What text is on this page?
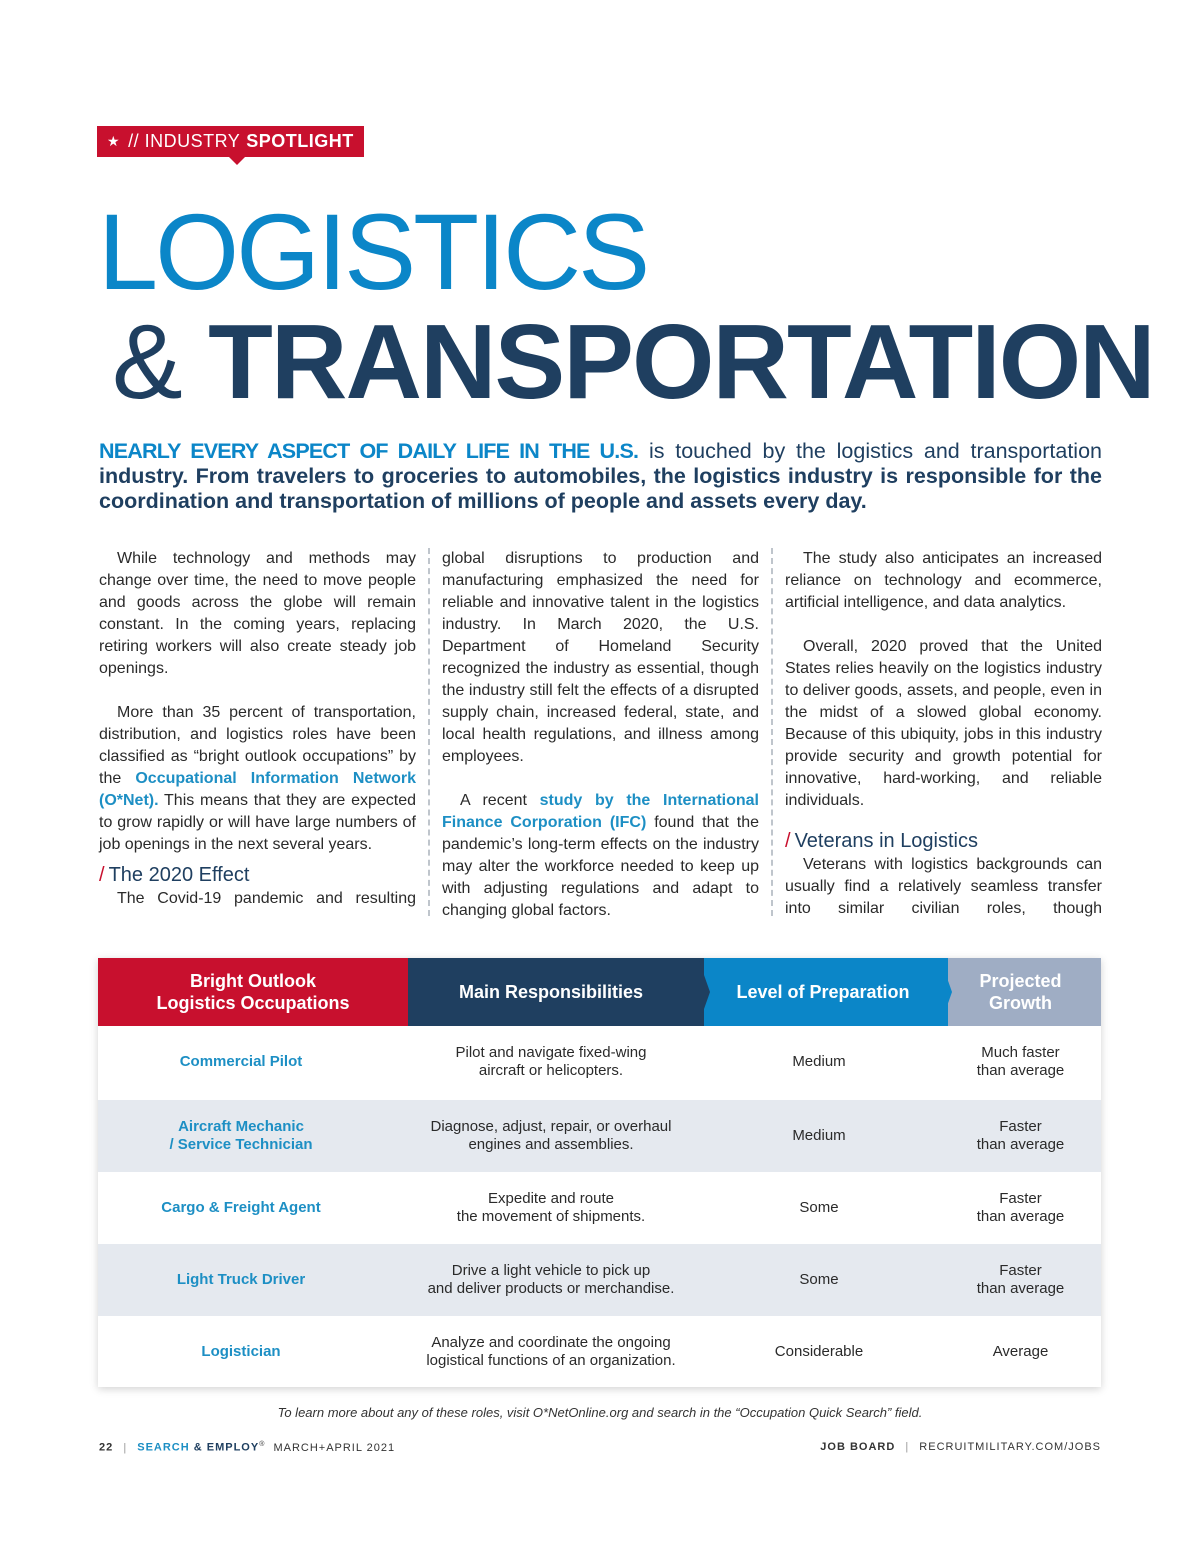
★ // INDUSTRY SPOTLIGHT
LOGISTICS
& TRANSPORTATION
NEARLY EVERY ASPECT OF DAILY LIFE IN THE U.S. is touched by the logistics and transportation industry. From travelers to groceries to automobiles, the logistics industry is responsible for the coordination and transportation of millions of people and assets every day.

While technology and methods may change over time, the need to move people and goods across the globe will remain constant. In the coming years, replacing retiring workers will also create steady job openings.

More than 35 percent of transportation, distribution, and logistics roles have been classified as “bright outlook occupations” by the Occupational Information Network (O*Net). This means that they are expected to grow rapidly or will have large numbers of job openings in the next several years.

/ The 2020 Effect

The Covid-19 pandemic and resulting

global disruptions to production and manufacturing emphasized the need for reliable and innovative talent in the logistics industry. In March 2020, the U.S. Department of Homeland Security recognized the industry as essential, though the industry still felt the effects of a disrupted supply chain, increased federal, state, and local health regulations, and illness among employees.

A recent study by the International Finance Corporation (IFC) found that the pandemic’s long-term effects on the industry may alter the workforce needed to keep up with adjusting regulations and adapt to changing global factors.

The study also anticipates an increased reliance on technology and ecommerce, artificial intelligence, and data analytics.

Overall, 2020 proved that the United States relies heavily on the logistics industry to deliver goods, assets, and people, even in the midst of a slowed global economy. Because of this ubiquity, jobs in this industry provide security and growth potential for innovative, hard-working, and reliable individuals.

/ Veterans in Logistics

Veterans with logistics backgrounds can usually find a relatively seamless transfer into similar civilian roles, though

Projected
Growth
Level of Preparation
Main Responsibilities
Bright Outlook
Logistics Occupations
Commercial Pilot
Pilot and navigate fixed-wing
aircraft or helicopters.
Medium
Much faster
than average
Aircraft Mechanic
/ Service Technician
Diagnose, adjust, repair, or overhaul
engines and assemblies.
Medium
Faster
than average
Cargo & Freight Agent
Expedite and route
the movement of shipments.
Some
Faster
than average
Light Truck Driver
Drive a light vehicle to pick up
and deliver products or merchandise.
Some
Faster
than average
Logistician
Analyze and coordinate the ongoing
logistical functions of an organization.
Considerable	Average
To learn more about any of these roles, visit O*NetOnline.org and search in the “Occupation Quick Search” field.
22 | SEARCH & EMPLOY® MARCH+APRIL 2021	JOB BOARD | RECRUITMILITARY.COM/JOBS
